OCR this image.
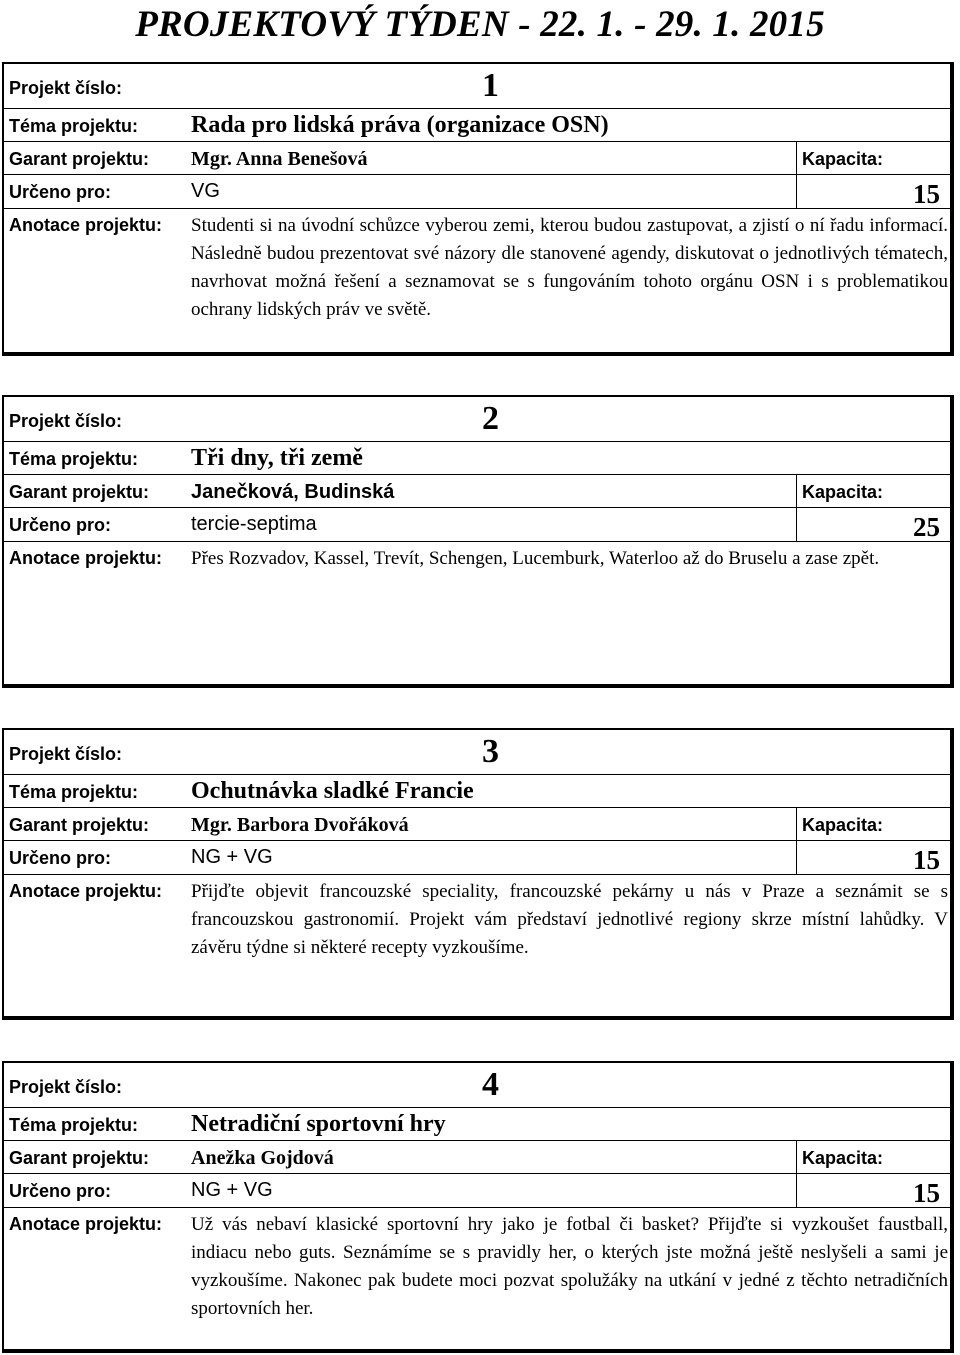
PROJEKTOVÝ TÝDEN - 22. 1. - 29. 1. 2015
Projekt číslo:	1
Téma projektu: Rada pro lidská práva (organizace OSN)
Garant projektu: Mgr. Anna Benešová	Kapacita:
Určeno pro:	VG	15
Anotace projektu: Studenti si na úvodní schůzce vyberou zemi, kterou budou zastupovat, a zjistí o ní řadu informací. Následně budou prezentovat své názory dle stanovené agendy, diskutovat o jednotlivých tématech, navrhovat možná řešení a seznamovat se s fungováním tohoto orgánu OSN i s problematikou ochrany lidských práv ve světě.
Projekt číslo:	2
Téma projektu: Tři dny, tři země
Garant projektu: Janečková, Budinská	Kapacita:
Určeno pro:	tercie-septima	25
Anotace projektu: Přes Rozvadov, Kassel, Trevít, Schengen, Lucemburk, Waterloo až do Bruselu a zase zpět.
Projekt číslo:	3
Téma projektu: Ochutnávka sladké Francie
Garant projektu: Mgr. Barbora Dvořáková	Kapacita:
Určeno pro:	NG + VG	15
Anotace projektu: Přijďte objevit francouzské speciality, francouzské pekárny u nás v Praze a seznámit se s francouzskou gastronomií. Projekt vám představí jednotlivé regiony skrze místní lahůdky. V závěru týdne si některé recepty vyzkoušíme.
Projekt číslo:	4
Téma projektu: Netradiční sportovní hry
Garant projektu: Anežka Gojdová	Kapacita:
Určeno pro:	NG + VG	15
Anotace projektu: Už vás nebaví klasické sportovní hry jako je fotbal či basket? Přijďte si vyzkoušet faustball, indiacu nebo guts. Seznámíme se s pravidly her, o kterých jste možná ještě neslyšeli a sami je vyzkoušíme. Nakonec pak budete moci pozvat spolužáky na utkání v jedné z těchto netradičních sportovních her.
